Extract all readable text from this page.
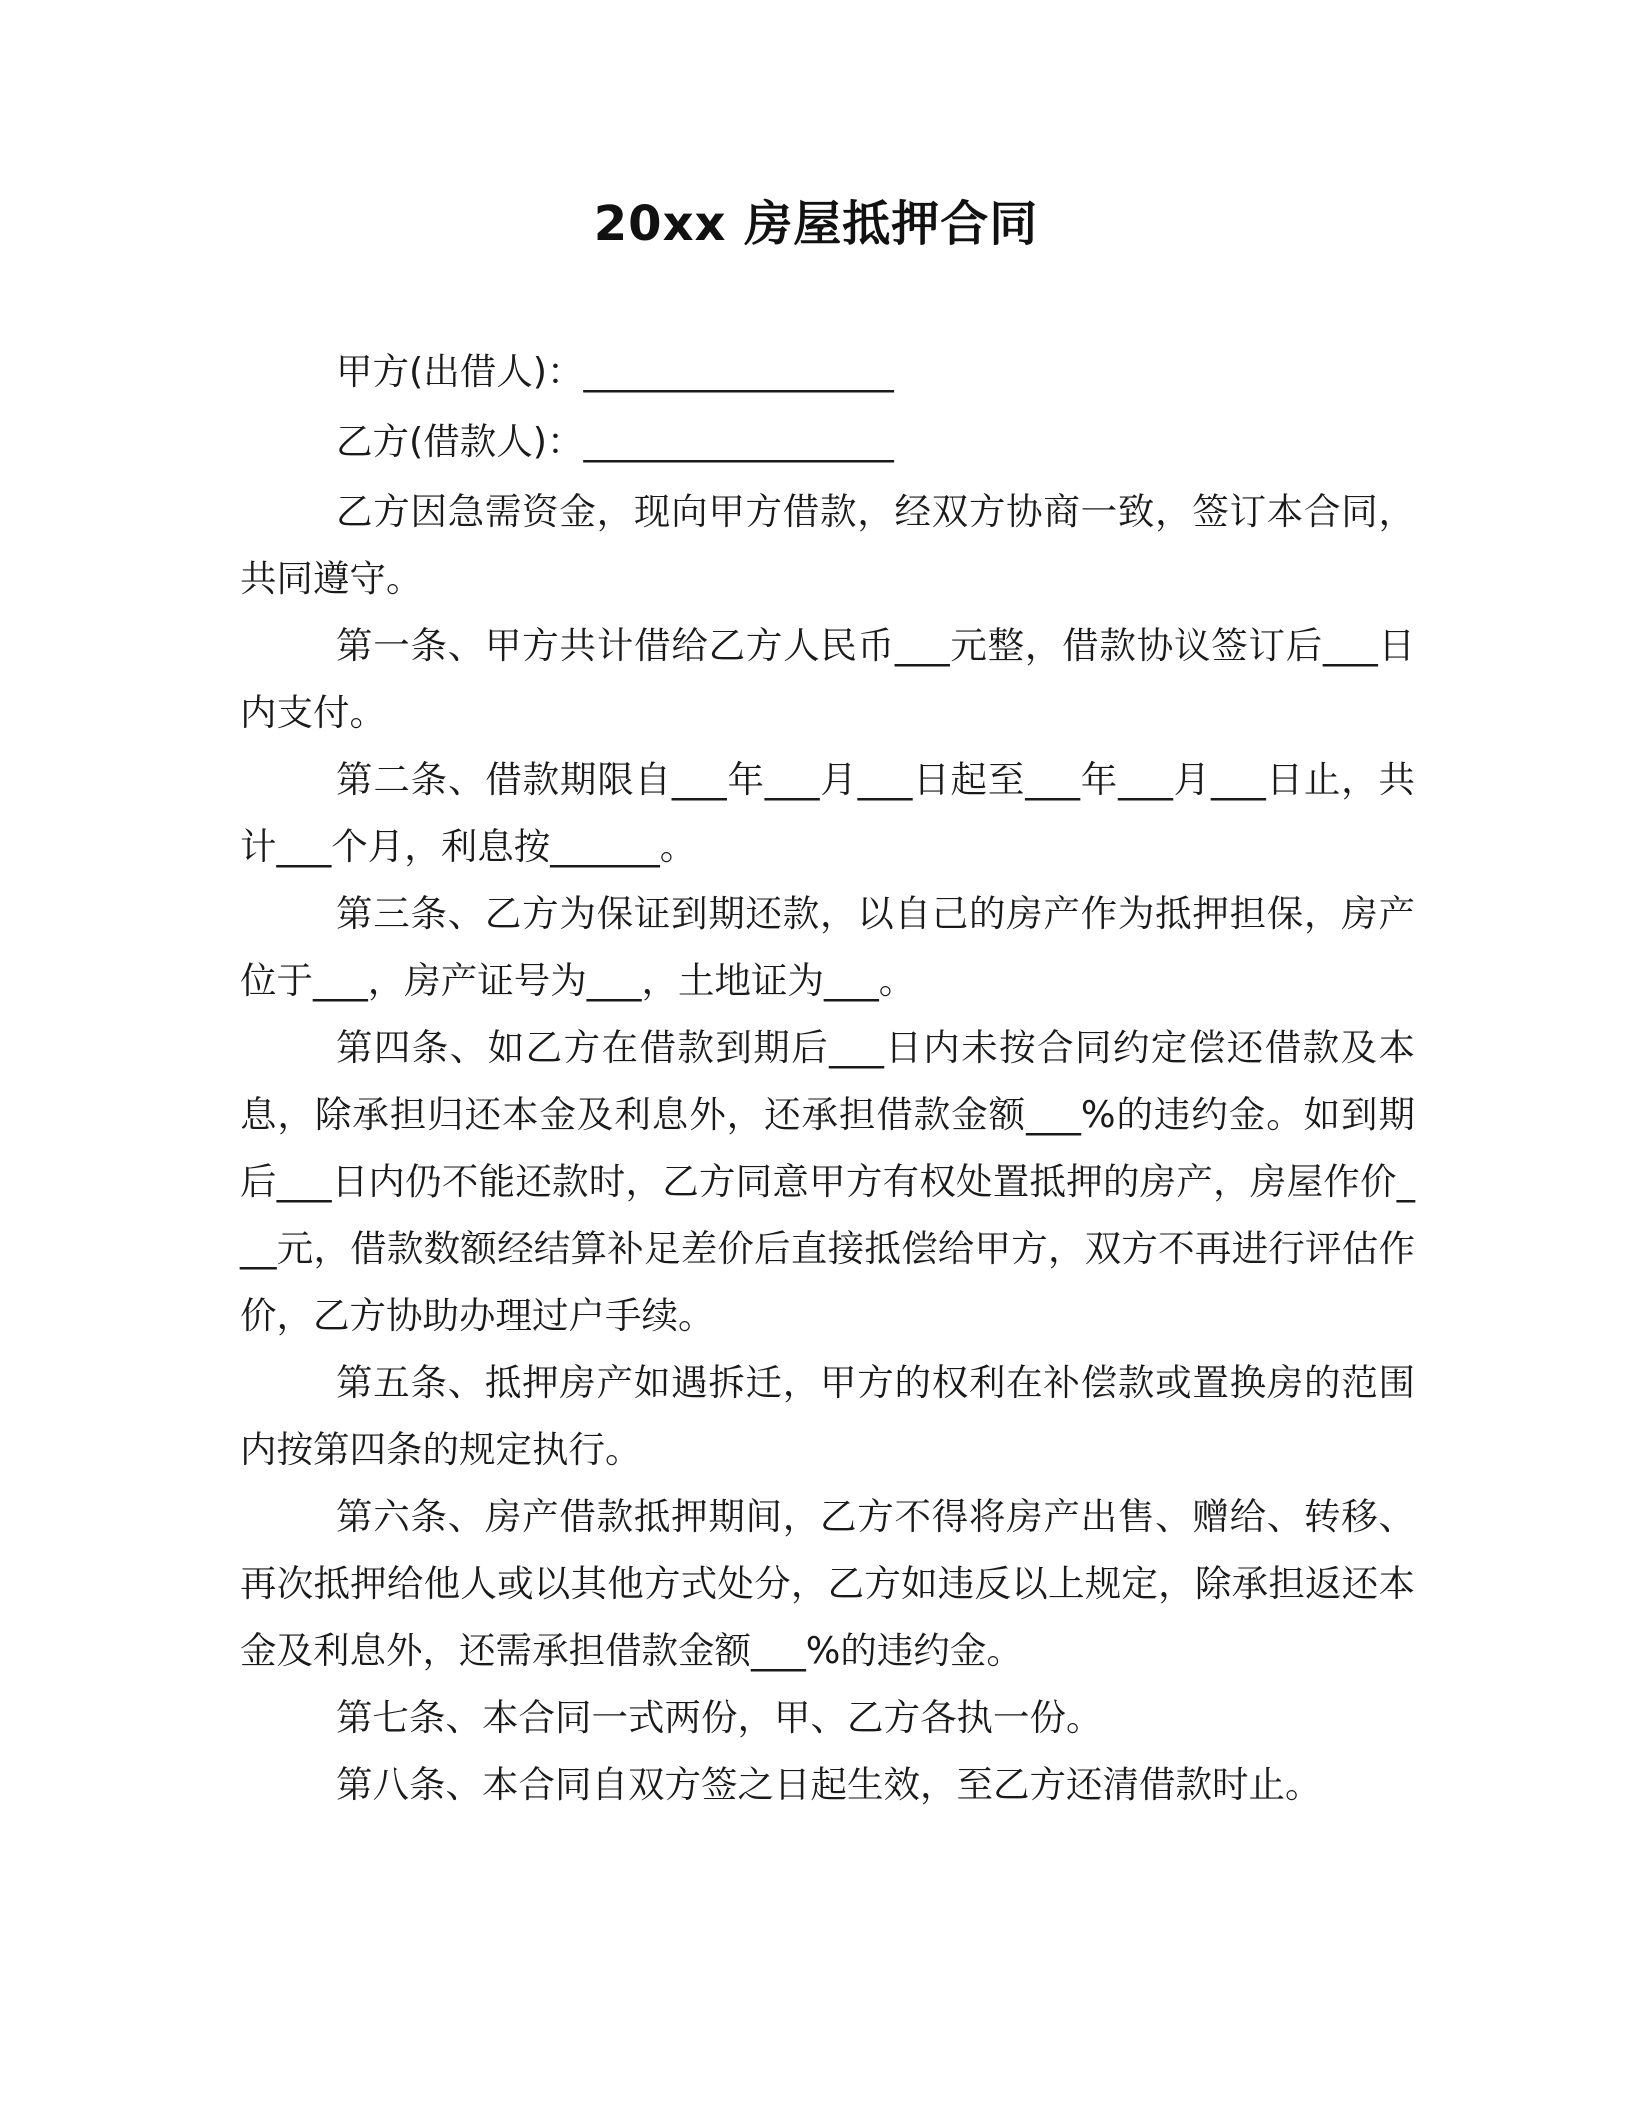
20xx 房屋抵押合同

甲方(出借人)：_________________

乙方(借款人)：_________________

乙方因急需资金，现向甲方借款，经双方协商一致，签订本合同，共同遵守。

第一条、甲方共计借给乙方人民币___元整，借款协议签订后___日内支付。

第二条、借款期限自___年___月___日起至___年___月___日止，共计___个月，利息按______。

第三条、乙方为保证到期还款，以自己的房产作为抵押担保，房产位于___，房产证号为___，土地证为___。

第四条、如乙方在借款到期后___日内未按合同约定偿还借款及本息，除承担归还本金及利息外，还承担借款金额___%的违约金。如到期后___日内仍不能还款时，乙方同意甲方有权处置抵押的房产，房屋作价___元，借款数额经结算补足差价后直接抵偿给甲方，双方不再进行评估作价，乙方协助办理过户手续。

第五条、抵押房产如遇拆迁，甲方的权利在补偿款或置换房的范围内按第四条的规定执行。

第六条、房产借款抵押期间，乙方不得将房产出售、赠给、转移、再次抵押给他人或以其他方式处分，乙方如违反以上规定，除承担返还本金及利息外，还需承担借款金额___%的违约金。

第七条、本合同一式两份，甲、乙方各执一份。

第八条、本合同自双方签之日起生效，至乙方还清借款时止。
